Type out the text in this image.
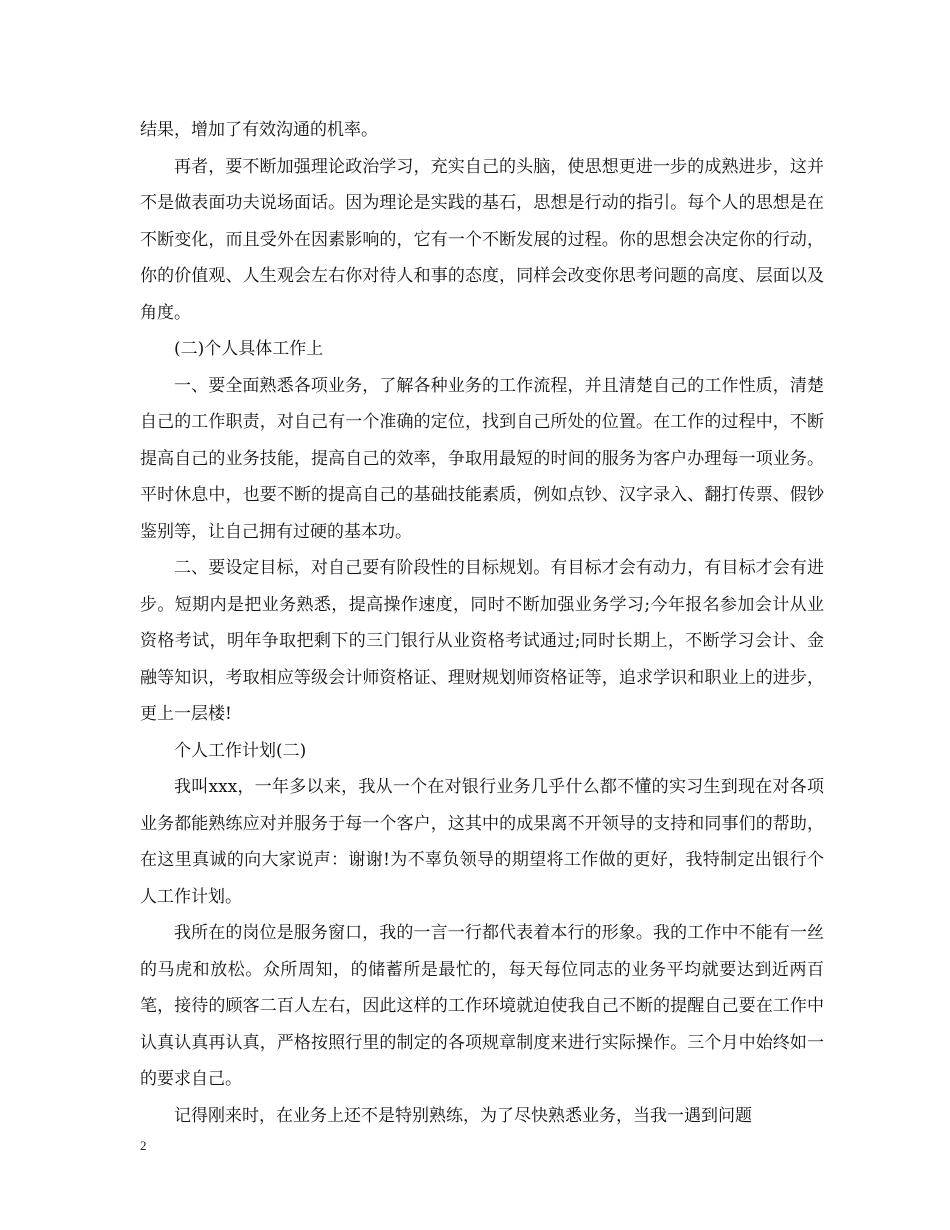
结果，增加了有效沟通的机率。

再者，要不断加强理论政治学习，充实自己的头脑，使思想更进一步的成熟进步，这并不是做表面功夫说场面话。因为理论是实践的基石，思想是行动的指引。每个人的思想是在不断变化，而且受外在因素影响的，它有一个不断发展的过程。你的思想会决定你的行动，你的价值观、人生观会左右你对待人和事的态度，同样会改变你思考问题的高度、层面以及角度。

(二)个人具体工作上

一、要全面熟悉各项业务，了解各种业务的工作流程，并且清楚自己的工作性质，清楚自己的工作职责，对自己有一个准确的定位，找到自己所处的位置。在工作的过程中，不断提高自己的业务技能，提高自己的效率，争取用最短的时间的服务为客户办理每一项业务。平时休息中，也要不断的提高自己的基础技能素质，例如点钞、汉字录入、翻打传票、假钞鉴别等，让自己拥有过硬的基本功。

二、要设定目标，对自己要有阶段性的目标规划。有目标才会有动力，有目标才会有进步。短期内是把业务熟悉，提高操作速度，同时不断加强业务学习;今年报名参加会计从业资格考试，明年争取把剩下的三门银行从业资格考试通过;同时长期上，不断学习会计、金融等知识，考取相应等级会计师资格证、理财规划师资格证等，追求学识和职业上的进步，更上一层楼!

个人工作计划(二)

我叫xxx，一年多以来，我从一个在对银行业务几乎什么都不懂的实习生到现在对各项业务都能熟练应对并服务于每一个客户，这其中的成果离不开领导的支持和同事们的帮助，在这里真诚的向大家说声：谢谢!为不辜负领导的期望将工作做的更好，我特制定出银行个人工作计划。

我所在的岗位是服务窗口，我的一言一行都代表着本行的形象。我的工作中不能有一丝的马虎和放松。众所周知，的储蓄所是最忙的，每天每位同志的业务平均就要达到近两百笔，接待的顾客二百人左右，因此这样的工作环境就迫使我自己不断的提醒自己要在工作中认真认真再认真，严格按照行里的制定的各项规章制度来进行实际操作。三个月中始终如一的要求自己。

记得刚来时，在业务上还不是特别熟练，为了尽快熟悉业务，当我一遇到问题

2
